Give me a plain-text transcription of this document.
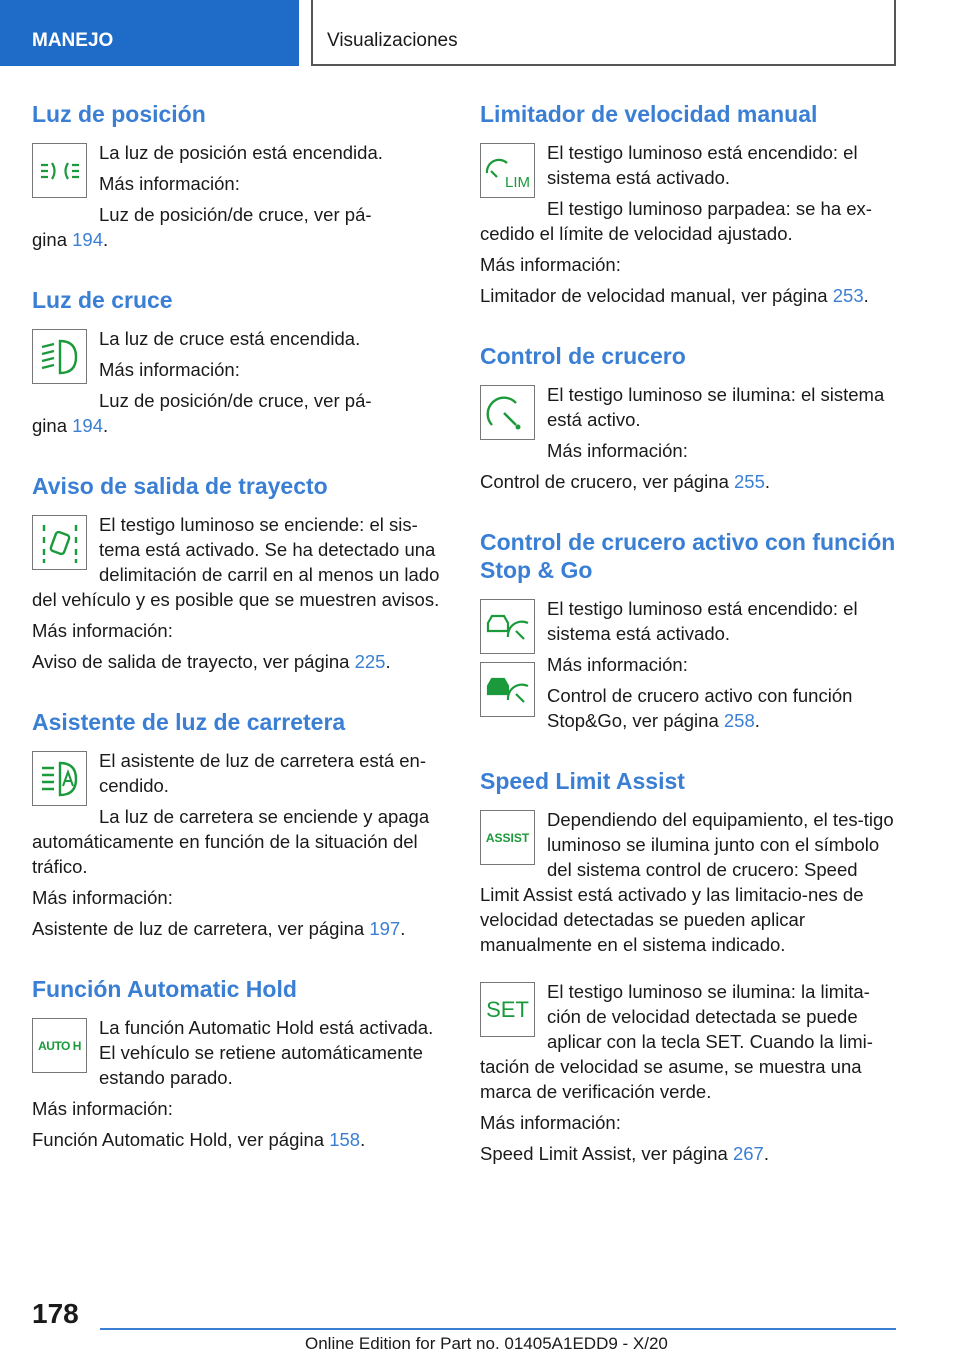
MANEJO	Visualizaciones
Luz de posición

La luz de posición está encendida.

Más información:

Luz de posición/de cruce, ver pá-
gina 194.

Luz de cruce

La luz de cruce está encendida.

Más información:

Luz de posición/de cruce, ver pá-
gina 194.

Aviso de salida de trayecto

El testigo luminoso se enciende: el sis-tema está activado. Se ha detectado una delimitación de carril en al menos un lado del vehículo y es posible que se muestren avisos.

Más información:

Aviso de salida de trayecto, ver página 225.

Asistente de luz de carretera

El asistente de luz de carretera está en-cendido.

La luz de carretera se enciende y apaga automáticamente en función de la situación del tráfico.

Más información:

Asistente de luz de carretera, ver página 197.

Función Automatic Hold
AUTO H

La función Automatic Hold está activada. El vehículo se retiene automáticamente estando parado.

Más información:

Función Automatic Hold, ver página 158.

Limitador de velocidad manual
LIM

El testigo luminoso está encendido: el sistema está activado.

El testigo luminoso parpadea: se ha ex-cedido el límite de velocidad ajustado.

Más información:

Limitador de velocidad manual, ver página 253.

Control de crucero

El testigo luminoso se ilumina: el sistema está activo.

Más información:

Control de crucero, ver página 255.

Control de crucero activo con función Stop & Go

El testigo luminoso está encendido: el sistema está activado.

Más información:

Control de crucero activo con función Stop&Go, ver página 258.

Speed Limit Assist
ASSIST

Dependiendo del equipamiento, el tes-tigo luminoso se ilumina junto con el símbolo del sistema control de crucero: Speed Limit Assist está activado y las limitacio-nes de velocidad detectadas se pueden aplicar manualmente en el sistema indicado.

SET

El testigo luminoso se ilumina: la limita-ción de velocidad detectada se puede aplicar con la tecla SET. Cuando la limi-tación de velocidad se asume, se muestra una marca de verificación verde.

Más información:

Speed Limit Assist, ver página 267.

178
Online Edition for Part no. 01405A1EDD9 - X/20
